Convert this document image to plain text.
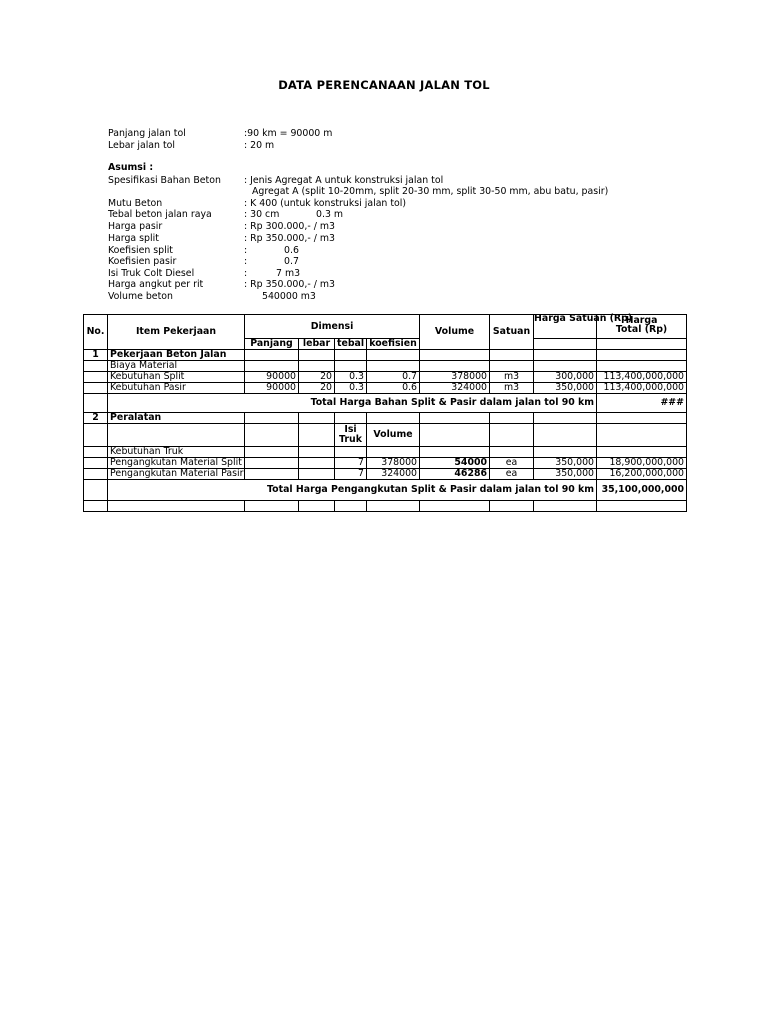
DATA PERENCANAAN JALAN TOL
Panjang jalan tol	:90 km = 90000 m
Lebar jalan tol	: 20 m
Asumsi :
Spesifikasi Bahan Beton : Jenis Agregat A untuk konstruksi jalan tol
Agregat A (split 10-20mm, split 20-30 mm, split 30-50 mm, abu batu, pasir)
Mutu Beton	: K 400 (untuk konstruksi jalan tol)
Tebal beton jalan raya	: 30 cm	0.3 m
Harga pasir	: Rp 300.000,- / m3
Harga split	: Rp 350.000,- / m3
Koefisien split	:	0.6
Koefisien pasir	:	0.7
Isi Truk Colt Diesel	:	7 m3
Harga angkut per rit	: Rp 350.000,- / m3
Volume beton	540000 m3
No.	Item Pekerjaan	Dimensi				Volume	Satuan	Harga Satuan (Rp)	Harga Total (Rp)

		Panjang	lebar	tebal	koefisien				
1	Pekerjaan Beton Jalan								
	Biaya Material								
	Kebutuhan Split	90000	20	0.3	0.7	378000	m3	300,000	113,400,000,000
	Kebutuhan Pasir	90000	20	0.3	0.6	324000	m3	350,000	113,400,000,000
	Total Harga Bahan Split & Pasir dalam jalan tol 90 km								###
2	Peralatan								
				Isi Truk	Volume				
	Kebutuhan Truk								
	Pengangkutan Material Split			7	378000	54000	ea	350,000	18,900,000,000
	Pengangkutan Material Pasir			7	324000	46286	ea	350,000	16,200,000,000
	Total Harga Pengangkutan Split & Pasir dalam jalan tol 90 km								35,100,000,000
